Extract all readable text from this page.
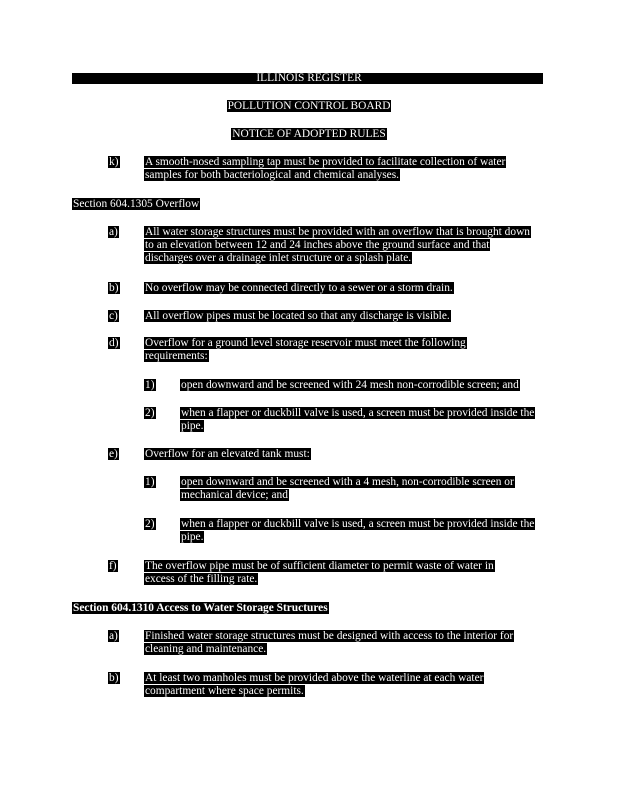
ILLINOIS REGISTER
POLLUTION CONTROL BOARD
NOTICE OF ADOPTED RULES
k)	A smooth-nosed sampling tap must be provided to facilitate collection of water samples for both bacteriological and chemical analyses.
Section 604.1305 Overflow
a)	All water storage structures must be provided with an overflow that is brought down to an elevation between 12 and 24 inches above the ground surface and that discharges over a drainage inlet structure or a splash plate.
b)	No overflow may be connected directly to a sewer or a storm drain.
c)	All overflow pipes must be located so that any discharge is visible.
d)	Overflow for a ground level storage reservoir must meet the following requirements:
1)	open downward and be screened with 24 mesh non-corrodible screen; and
2)	when a flapper or duckbill valve is used, a screen must be provided inside the pipe.
e)	Overflow for an elevated tank must:
1)	open downward and be screened with a 4 mesh, non-corrodible screen or mechanical device; and
2)	when a flapper or duckbill valve is used, a screen must be provided inside the pipe.
f)	The overflow pipe must be of sufficient diameter to permit waste of water in excess of the filling rate.
Section 604.1310 Access to Water Storage Structures
a)	Finished water storage structures must be designed with access to the interior for cleaning and maintenance.
b)	At least two manholes must be provided above the waterline at each water compartment where space permits.
